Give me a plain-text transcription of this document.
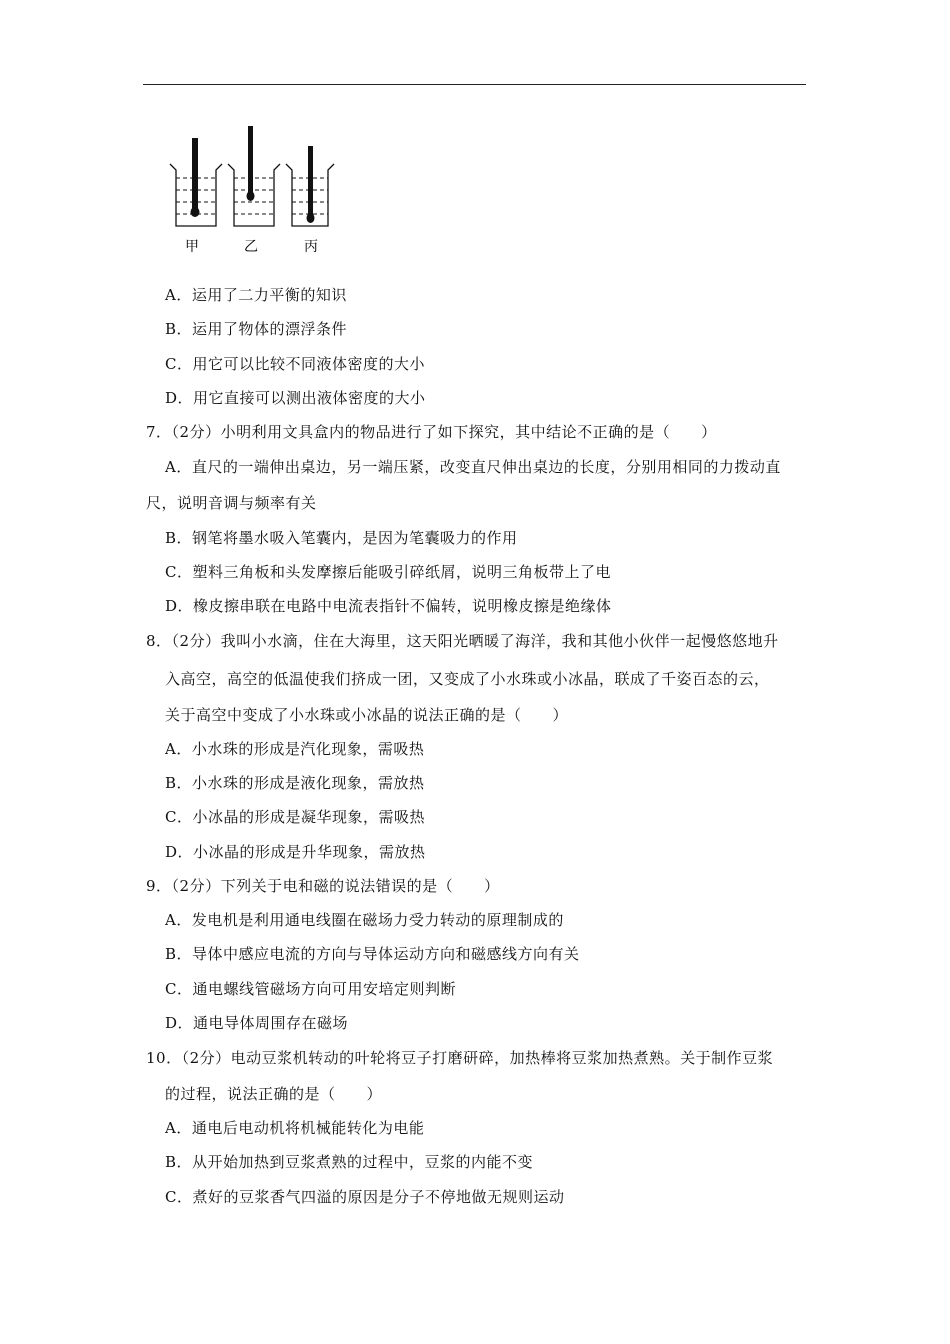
甲	乙	丙
A．运用了二力平衡的知识
B．运用了物体的漂浮条件
C．用它可以比较不同液体密度的大小
D．用它直接可以测出液体密度的大小
7．（2分）小明利用文具盒内的物品进行了如下探究，其中结论不正确的是（　　）
A．直尺的一端伸出桌边，另一端压紧，改变直尺伸出桌边的长度，分别用相同的力拨动直
尺，说明音调与频率有关
B．钢笔将墨水吸入笔囊内，是因为笔囊吸力的作用
C．塑料三角板和头发摩擦后能吸引碎纸屑，说明三角板带上了电
D．橡皮擦串联在电路中电流表指针不偏转，说明橡皮擦是绝缘体
8．（2分）我叫小水滴，住在大海里，这天阳光晒暖了海洋，我和其他小伙伴一起慢悠悠地升
入高空，高空的低温使我们挤成一团，又变成了小水珠或小冰晶，联成了千姿百态的云，
关于高空中变成了小水珠或小冰晶的说法正确的是（　　）
A．小水珠的形成是汽化现象，需吸热
B．小水珠的形成是液化现象，需放热
C．小冰晶的形成是凝华现象，需吸热
D．小冰晶的形成是升华现象，需放热
9．（2分）下列关于电和磁的说法错误的是（　　）
A．发电机是利用通电线圈在磁场力受力转动的原理制成的
B．导体中感应电流的方向与导体运动方向和磁感线方向有关
C．通电螺线管磁场方向可用安培定则判断
D．通电导体周围存在磁场
10．（2分）电动豆浆机转动的叶轮将豆子打磨研碎，加热棒将豆浆加热煮熟。关于制作豆浆
的过程，说法正确的是（　　）
A．通电后电动机将机械能转化为电能
B．从开始加热到豆浆煮熟的过程中，豆浆的内能不变
C．煮好的豆浆香气四溢的原因是分子不停地做无规则运动
